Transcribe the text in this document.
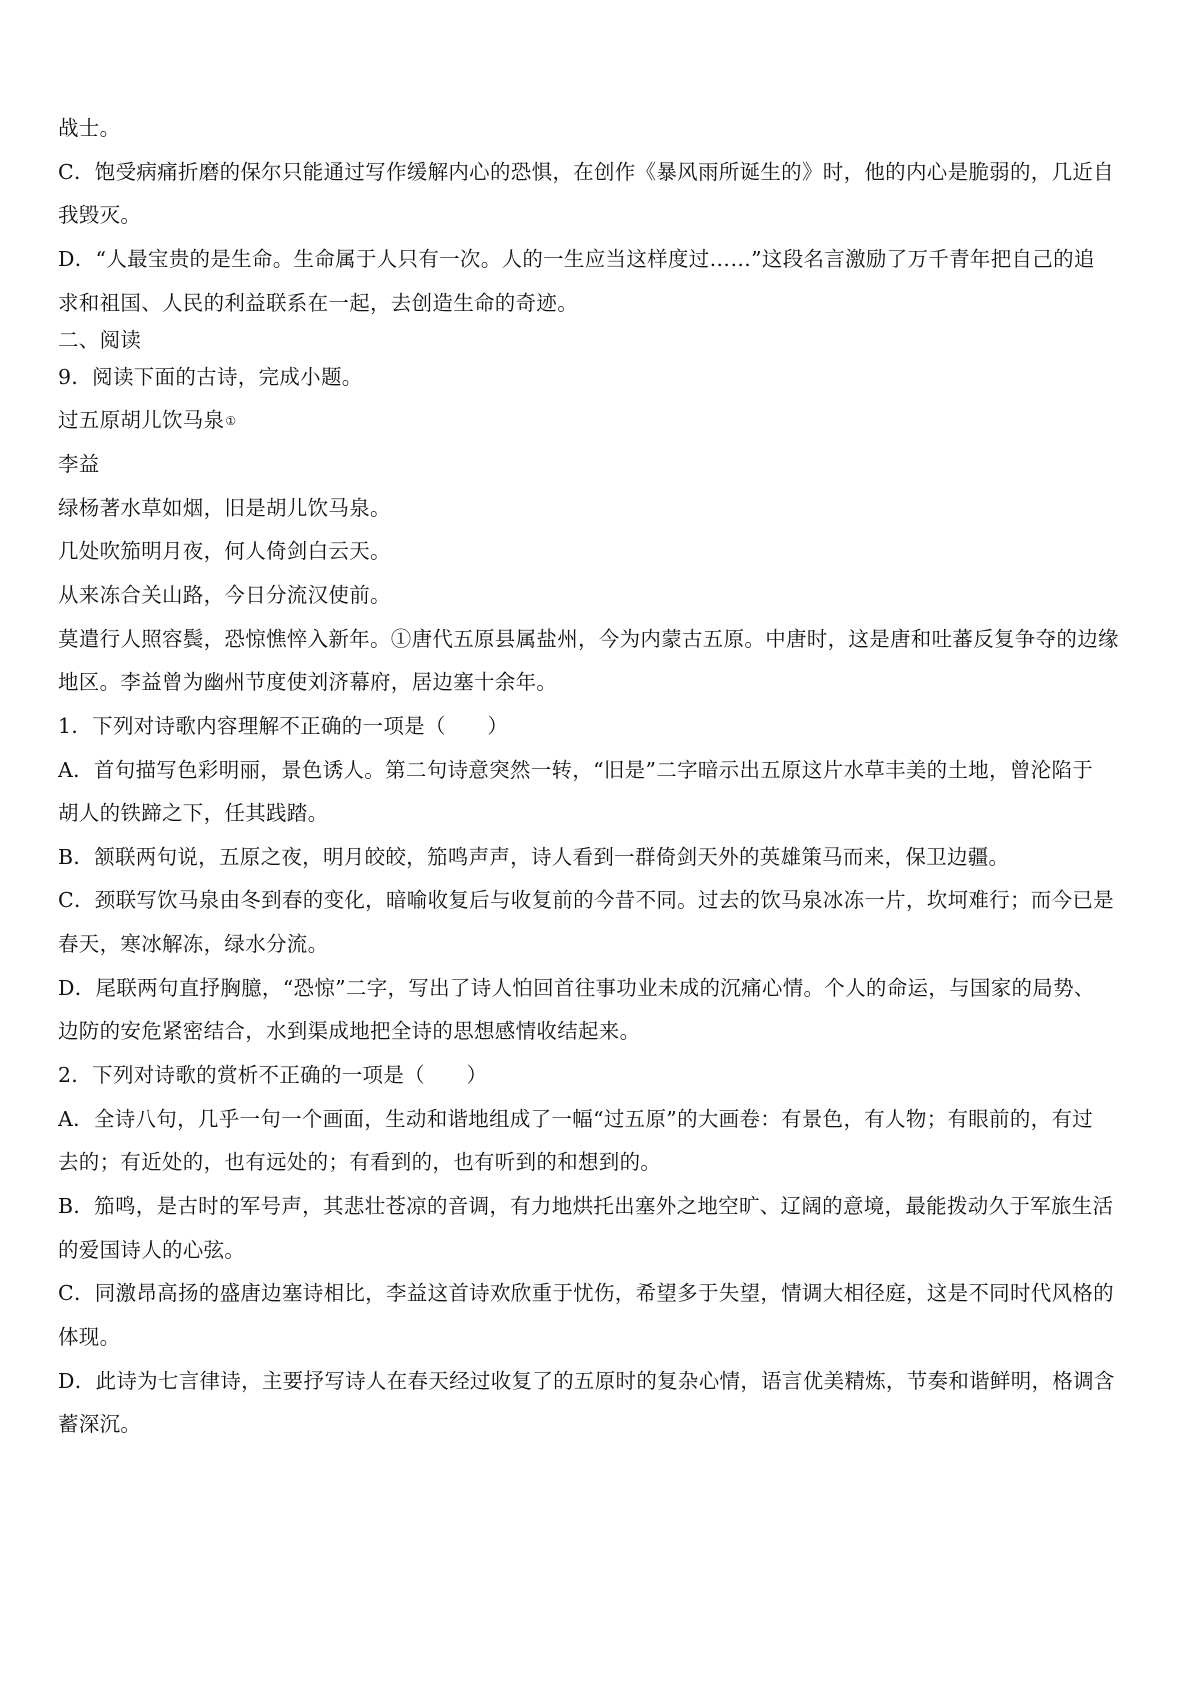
战士。
C．饱受病痛折磨的保尔只能通过写作缓解内心的恐惧，在创作《暴风雨所诞生的》时，他的内心是脆弱的，几近自
我毁灭。
D．“人最宝贵的是生命。生命属于人只有一次。人的一生应当这样度过……”这段名言激励了万千青年把自己的追
求和祖国、人民的利益联系在一起，去创造生命的奇迹。
二、阅读
9．阅读下面的古诗，完成小题。
过五原胡儿饮马泉①
李益
绿杨著水草如烟，旧是胡儿饮马泉。
几处吹笳明月夜，何人倚剑白云天。
从来冻合关山路，今日分流汉使前。
莫遣行人照容鬓，恐惊憔悴入新年。①唐代五原县属盐州，今为内蒙古五原。中唐时，这是唐和吐蕃反复争夺的边缘
地区。李益曾为幽州节度使刘济幕府，居边塞十余年。
1．下列对诗歌内容理解不正确的一项是（　　）
A．首句描写色彩明丽，景色诱人。第二句诗意突然一转，“旧是”二字暗示出五原这片水草丰美的土地，曾沦陷于
胡人的铁蹄之下，任其践踏。
B．颔联两句说，五原之夜，明月皎皎，笳鸣声声，诗人看到一群倚剑天外的英雄策马而来，保卫边疆。
C．颈联写饮马泉由冬到春的变化，暗喻收复后与收复前的今昔不同。过去的饮马泉冰冻一片，坎坷难行；而今已是
春天，寒冰解冻，绿水分流。
D．尾联两句直抒胸臆，“恐惊”二字，写出了诗人怕回首往事功业未成的沉痛心情。个人的命运，与国家的局势、
边防的安危紧密结合，水到渠成地把全诗的思想感情收结起来。
2．下列对诗歌的赏析不正确的一项是（　　）
A．全诗八句，几乎一句一个画面，生动和谐地组成了一幅“过五原”的大画卷：有景色，有人物；有眼前的，有过
去的；有近处的，也有远处的；有看到的，也有听到的和想到的。
B．笳鸣，是古时的军号声，其悲壮苍凉的音调，有力地烘托出塞外之地空旷、辽阔的意境，最能拨动久于军旅生活
的爱国诗人的心弦。
C．同激昂高扬的盛唐边塞诗相比，李益这首诗欢欣重于忧伤，希望多于失望，情调大相径庭，这是不同时代风格的
体现。
D．此诗为七言律诗，主要抒写诗人在春天经过收复了的五原时的复杂心情，语言优美精炼，节奏和谐鲜明，格调含
蓄深沉。
